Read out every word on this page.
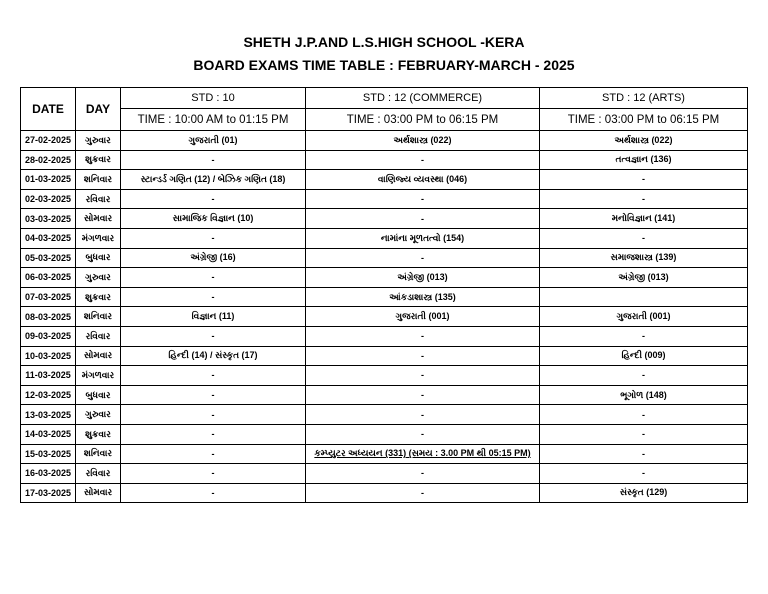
SHETH J.P.AND L.S.HIGH SCHOOL -KERA
BOARD EXAMS TIME TABLE : FEBRUARY-MARCH - 2025
DATE	DAY	STD : 10	STD : 12 (COMMERCE)	STD : 12 (ARTS)
		TIME : 10:00 AM to 01:15 PM	TIME : 03:00 PM to 06:15 PM	TIME : 03:00 PM to 06:15 PM
27-02-2025	ગુરુવાર	ગુજરાતી (01)	અર્થશાસ્ત્ર (022)	અર્થશાસ્ત્ર (022)
28-02-2025	શુક્રવાર	-	-	તત્વજ્ઞાન (136)
01-03-2025	શનિવાર	સ્ટાન્ડર્ડ ગણિત (12) / બેઝિક ગણિત (18)	વાણિજ્ય વ્યવસ્થા (046)	-
02-03-2025	રવિવાર	-	-	-
03-03-2025	સોમવાર	સામાજિક વિજ્ઞાન (10)	-	મનોવિજ્ઞાન (141)
04-03-2025	મંગળવાર	-	નામાંના મૂળતત્વો (154)	-
05-03-2025	બુધવાર	અંગ્રેજી (16)	-	સમાજશાસ્ત્ર (139)
06-03-2025	ગુરુવાર	-	અંગ્રેજી (013)	અંગ્રેજી (013)
07-03-2025	શુક્રવાર	-	આંકડાશાસ્ત્ર (135)	
08-03-2025	શનિવાર	વિજ્ઞાન (11)	ગુજરાતી (001)	ગુજરાતી (001)
09-03-2025	રવિવાર	-	-	-
10-03-2025	સોમવાર	હિન્દી (14) / સંસ્કૃત (17)	-	હિન્દી (009)
11-03-2025	મંગળવાર	-	-	-
12-03-2025	બુધવાર	-	-	ભૂગોળ (148)
13-03-2025	ગુરુવાર	-	-	-
14-03-2025	શુક્રવાર	-	-	-
15-03-2025	શનિવાર	-	કમ્પ્યુટર અધ્યયન (331) (સમય : 3.00 PM થી 05:15 PM)	-
16-03-2025	રવિવાર	-	-	-
17-03-2025	સોમવાર	-	-	સંસ્કૃત (129)
